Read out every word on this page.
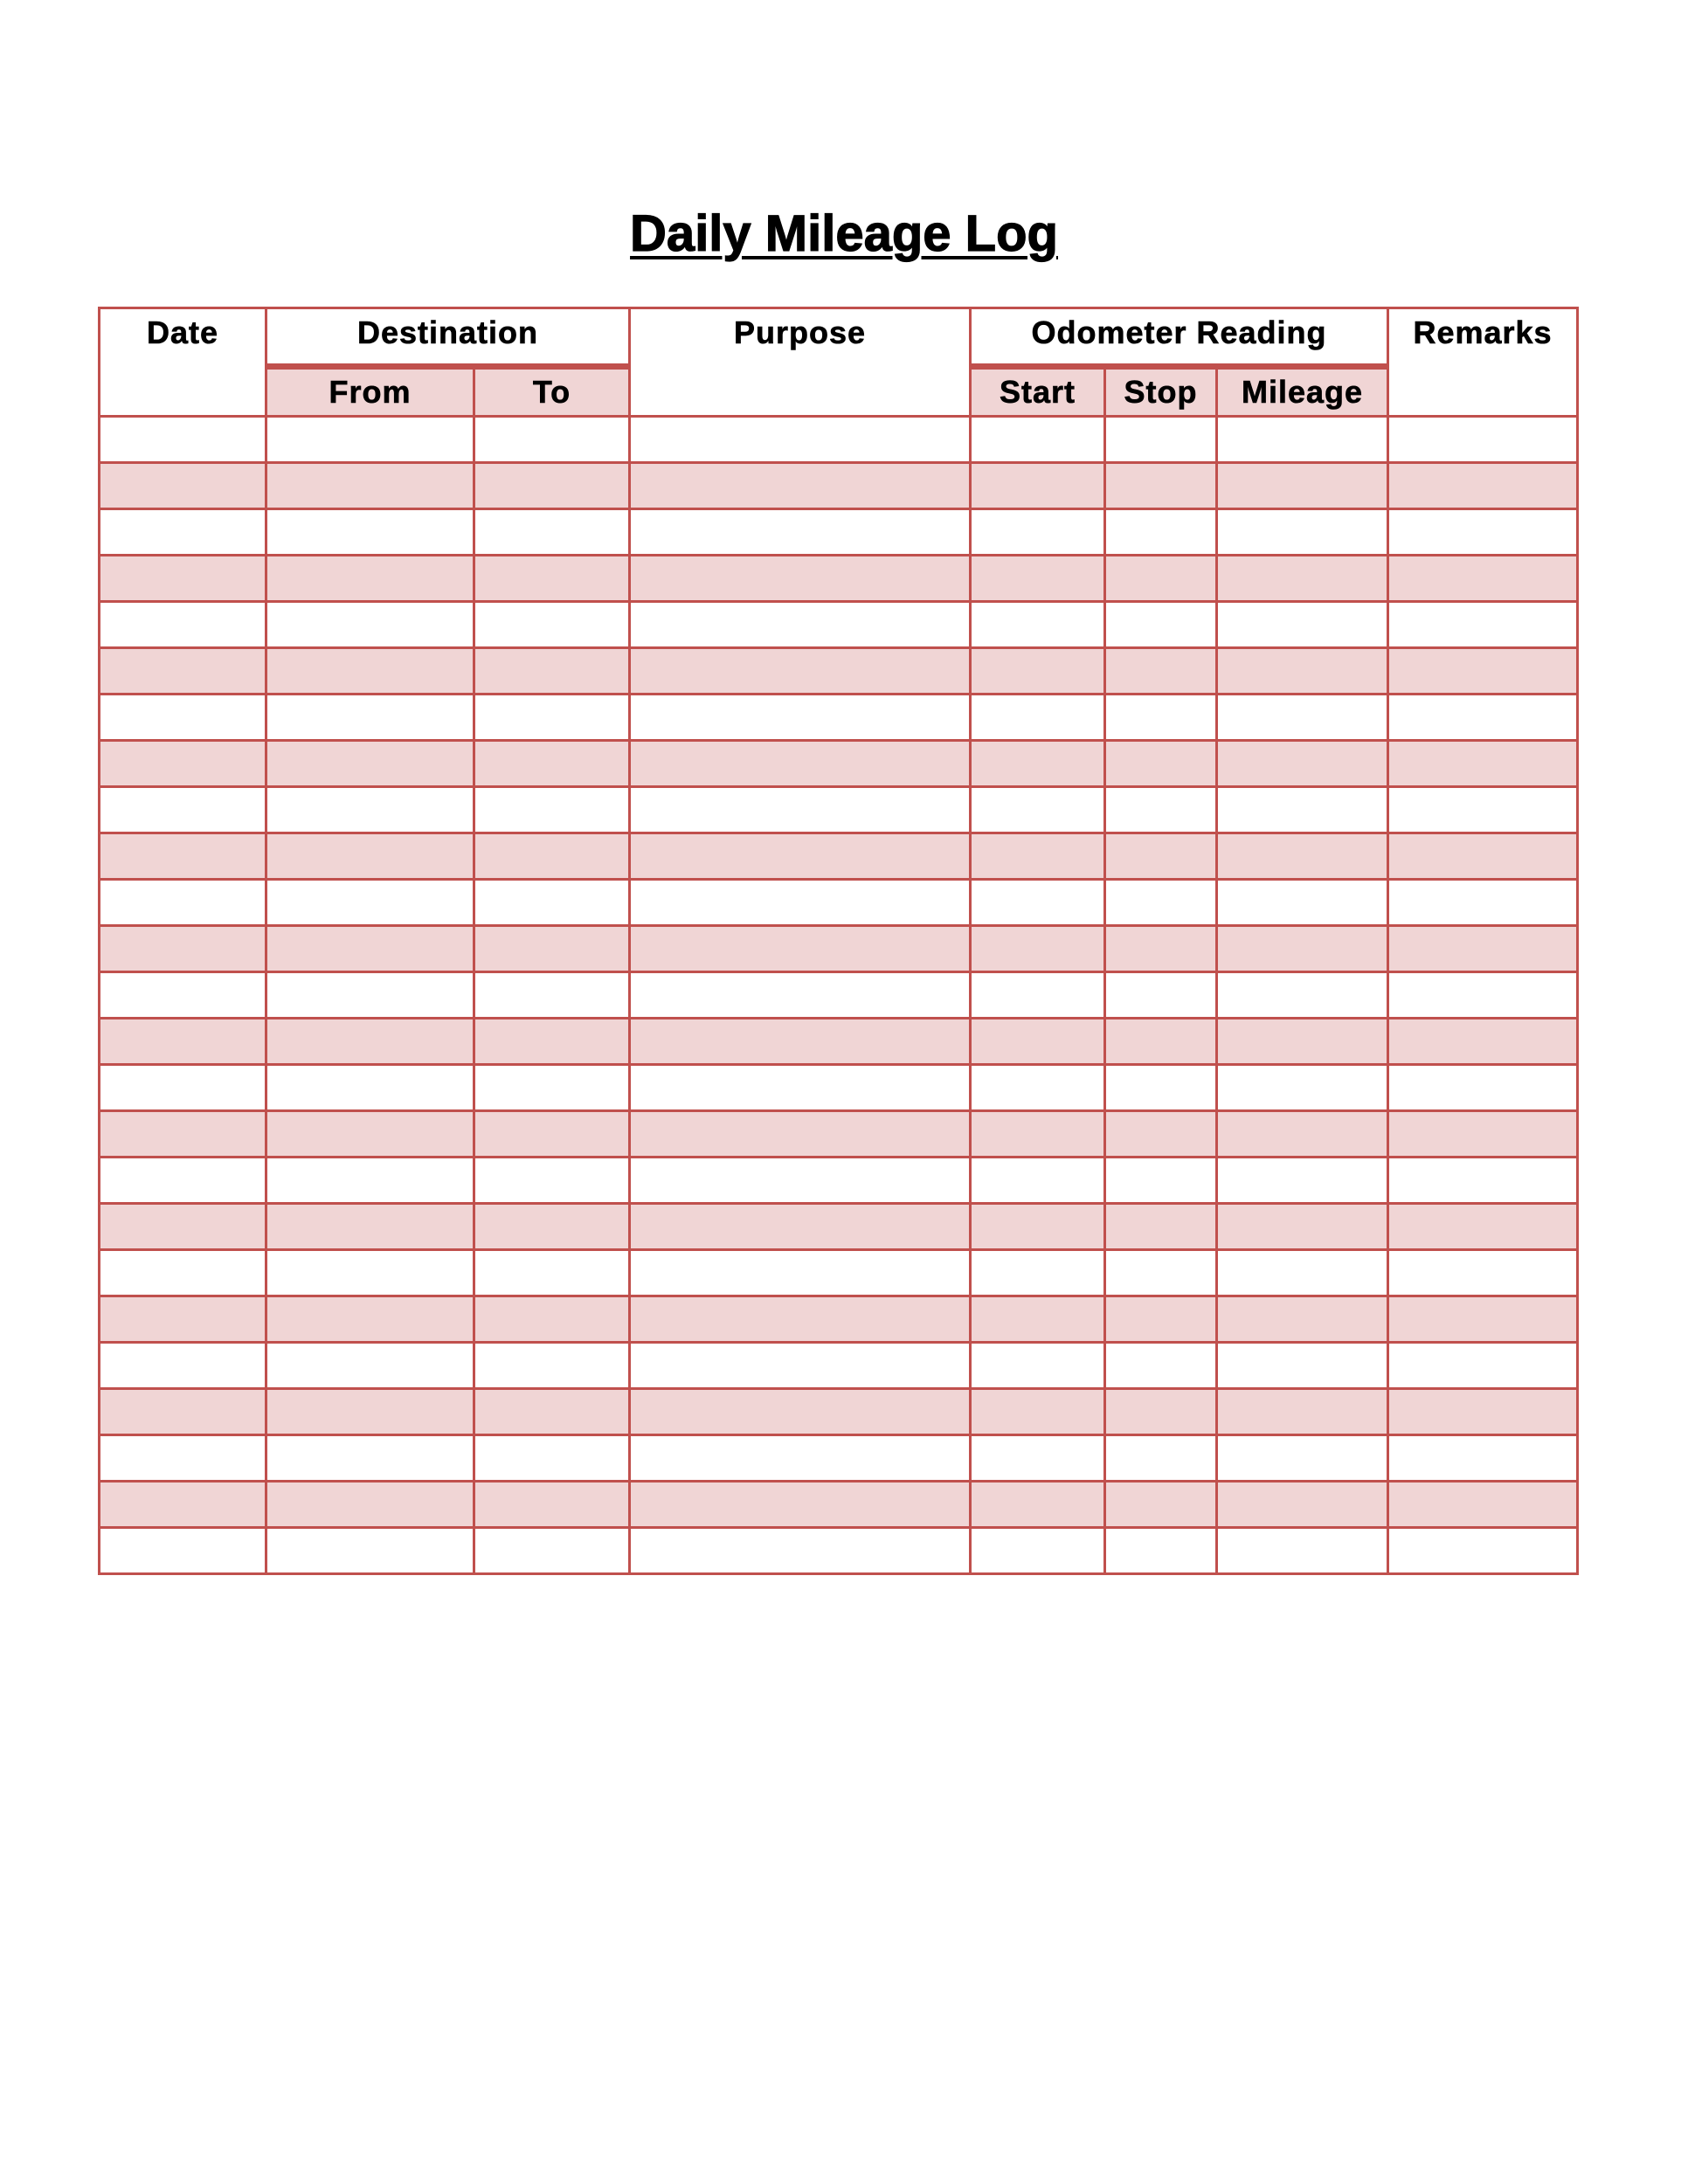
Daily Mileage Log
Date	Destination		Purpose	Odometer Reading			Remarks
	From	To		Start	Stop	Mileage	
